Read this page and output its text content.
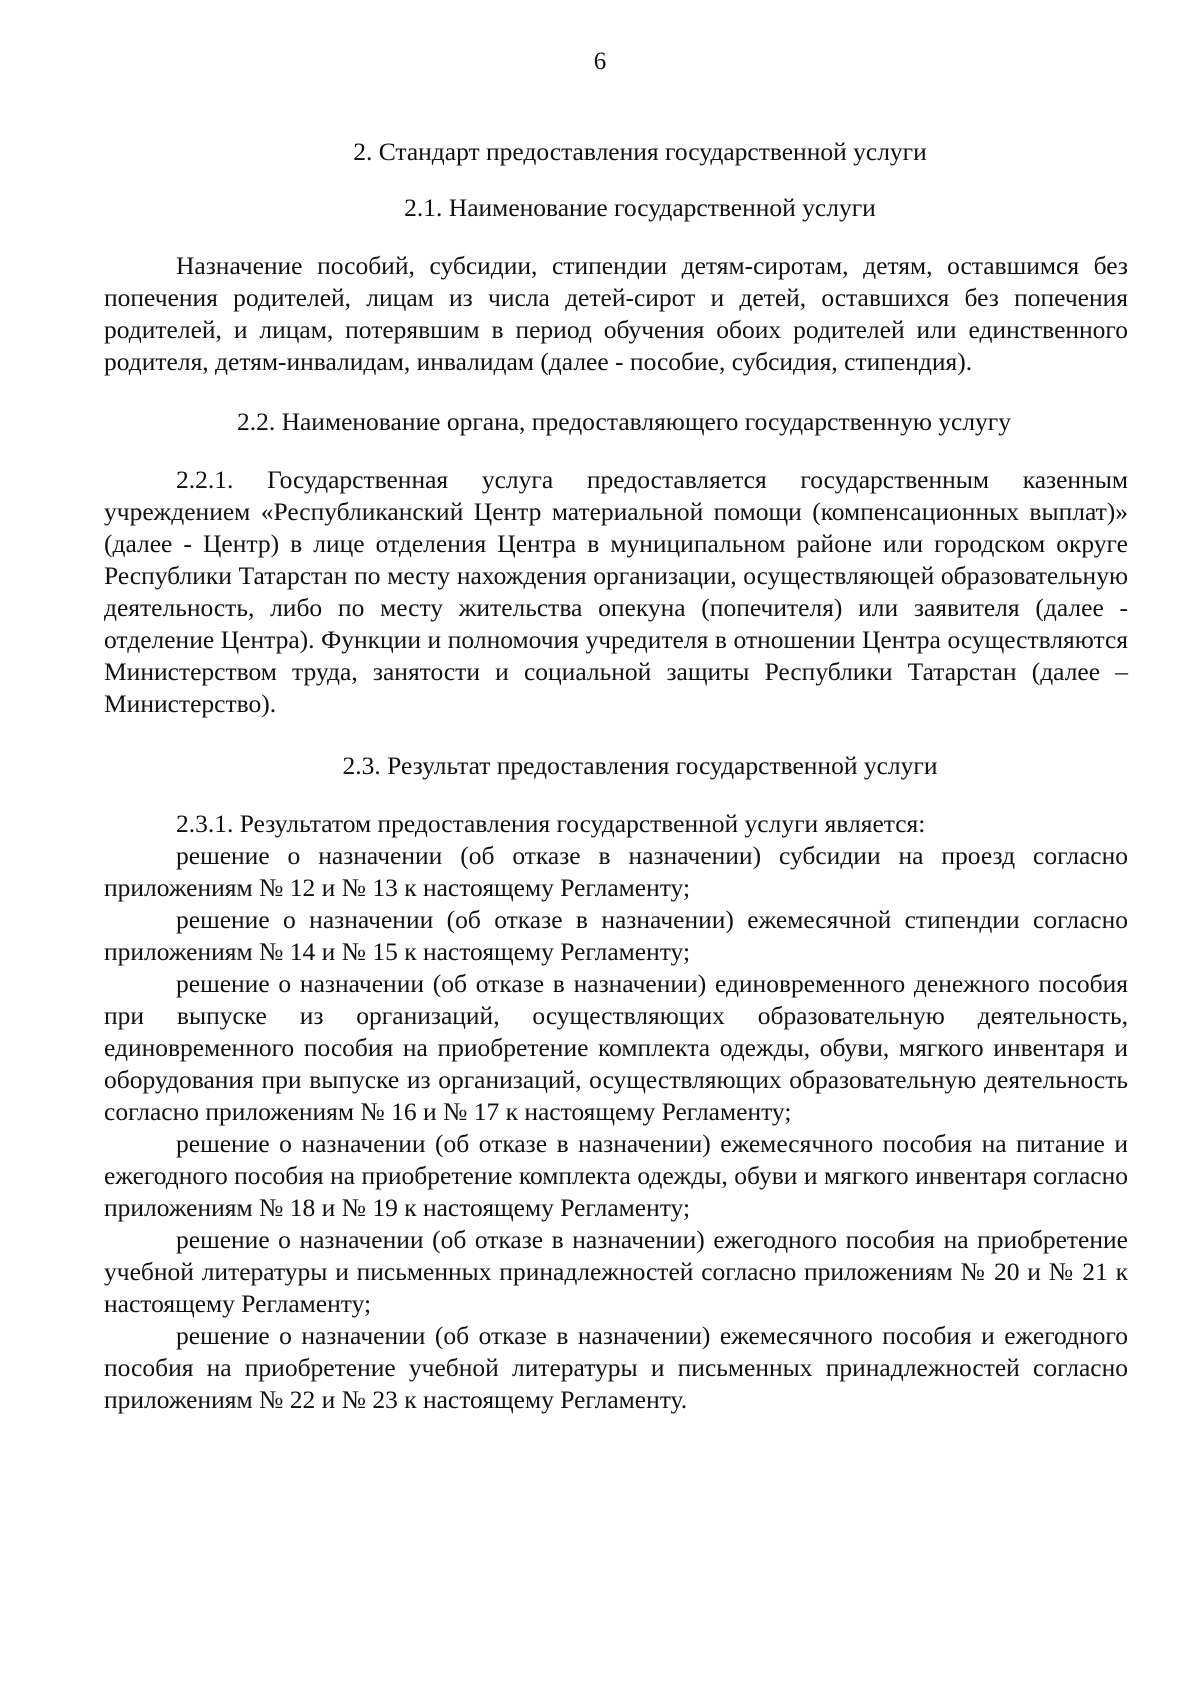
6

2. Стандарт предоставления государственной услуги

2.1. Наименование государственной услуги

Назначение пособий, субсидии, стипендии детям-сиротам, детям, оставшимся без попечения родителей, лицам из числа детей-сирот и детей, оставшихся без попечения родителей, и лицам, потерявшим в период обучения обоих родителей или единственного родителя, детям-инвалидам, инвалидам (далее - пособие, субсидия, стипендия).

2.2. Наименование органа, предоставляющего государственную услугу

2.2.1. Государственная услуга предоставляется государственным казенным учреждением «Республиканский Центр материальной помощи (компенсационных выплат)» (далее - Центр) в лице отделения Центра в муниципальном районе или городском округе Республики Татарстан по месту нахождения организации, осуществляющей образовательную деятельность, либо по месту жительства опекуна (попечителя) или заявителя (далее - отделение Центра). Функции и полномочия учредителя в отношении Центра осуществляются Министерством труда, занятости и социальной защиты Республики Татарстан (далее – Министерство).

2.3. Результат предоставления государственной услуги

2.3.1. Результатом предоставления государственной услуги является:

решение о назначении (об отказе в назначении) субсидии на проезд согласно приложениям № 12 и № 13 к настоящему Регламенту;

решение о назначении (об отказе в назначении) ежемесячной стипендии согласно приложениям № 14 и № 15 к настоящему Регламенту;

решение о назначении (об отказе в назначении) единовременного денежного пособия при выпуске из организаций, осуществляющих образовательную деятельность, единовременного пособия на приобретение комплекта одежды, обуви, мягкого инвентаря и оборудования при выпуске из организаций, осуществляющих образовательную деятельность согласно приложениям № 16 и № 17 к настоящему Регламенту;

решение о назначении (об отказе в назначении) ежемесячного пособия на питание и ежегодного пособия на приобретение комплекта одежды, обуви и мягкого инвентаря согласно приложениям № 18 и № 19 к настоящему Регламенту;

решение о назначении (об отказе в назначении) ежегодного пособия на приобретение учебной литературы и письменных принадлежностей согласно приложениям № 20 и № 21 к настоящему Регламенту;

решение о назначении (об отказе в назначении) ежемесячного пособия и ежегодного пособия на приобретение учебной литературы и письменных принадлежностей согласно приложениям № 22 и № 23 к настоящему Регламенту.
